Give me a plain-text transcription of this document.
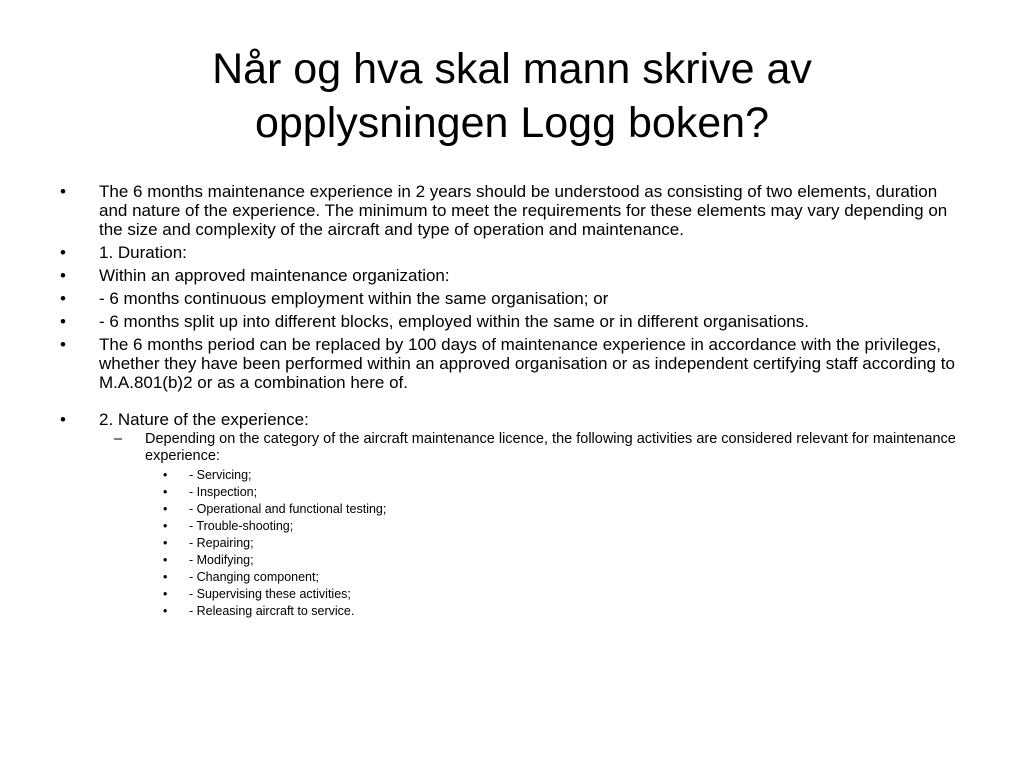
Når og hva skal mann skrive av
opplysningen Logg boken?
• The 6 months maintenance experience in 2 years should be understood as consisting of two elements, duration and nature of the experience. The minimum to meet the requirements for these elements may vary depending on the size and complexity of the aircraft and type of operation and maintenance.
• 1. Duration:
• Within an approved maintenance organization:
• - 6 months continuous employment within the same organisation; or
• - 6 months split up into different blocks, employed within the same or in different organisations.
• The 6 months period can be replaced by 100 days of maintenance experience in accordance with the privileges, whether they have been performed within an approved organisation or as independent certifying staff according to M.A.801(b)2 or as a combination here of.
• 2. Nature of the experience:
– Depending on the category of the aircraft maintenance licence, the following activities are considered relevant for maintenance experience:
• - Servicing;
• - Inspection;
• - Operational and functional testing;
• - Trouble-shooting;
• - Repairing;
• - Modifying;
• - Changing component;
• - Supervising these activities;
• - Releasing aircraft to service.
